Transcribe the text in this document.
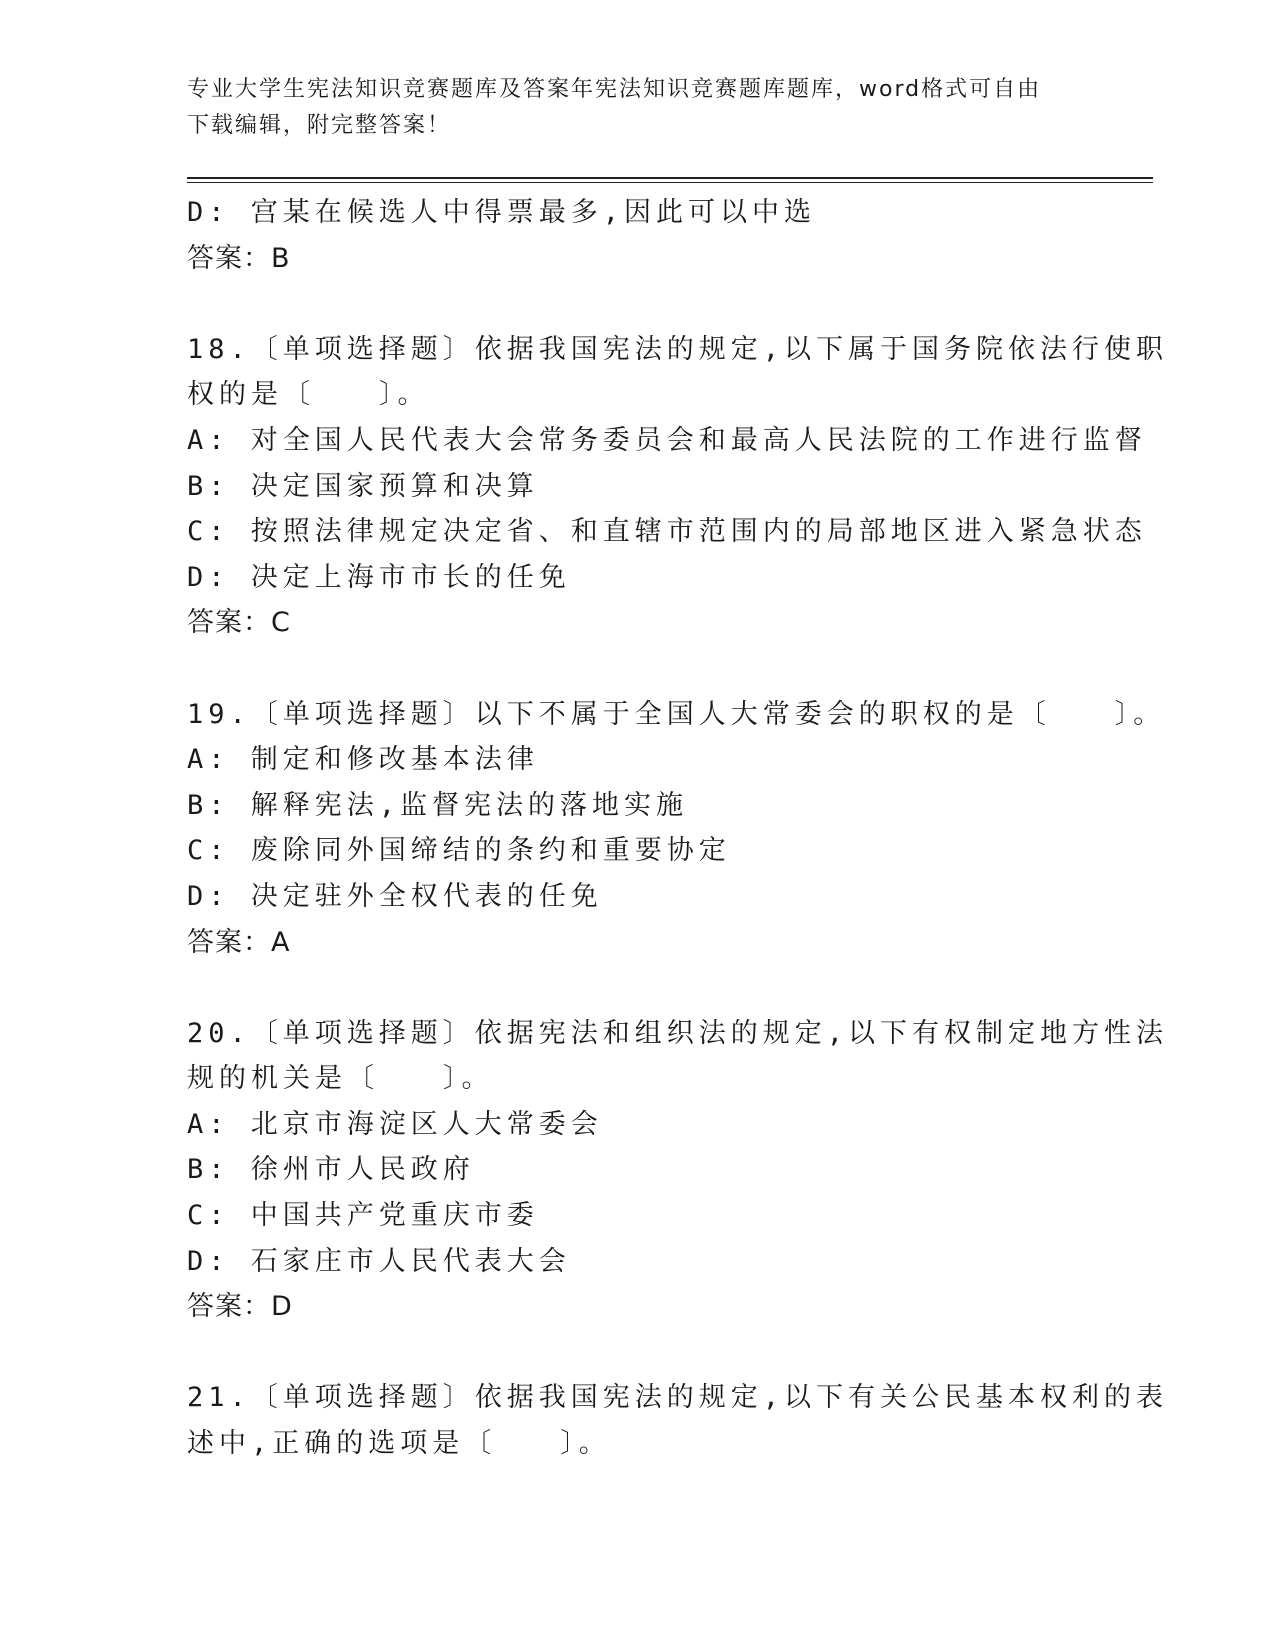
专业大学生宪法知识竞赛题库及答案年宪法知识竞赛题库题库，word格式可自由
下载编辑，附完整答案！
D: 宫某在候选人中得票最多,因此可以中选
答案：B
18.〔单项选择题〕依据我国宪法的规定,以下属于国务院依法行使职
权的是〔　　〕。
A: 对全国人民代表大会常务委员会和最高人民法院的工作进行监督
B: 决定国家预算和决算
C: 按照法律规定决定省、和直辖市范围内的局部地区进入紧急状态
D: 决定上海市市长的任免
答案：C
19.〔单项选择题〕以下不属于全国人大常委会的职权的是〔　　〕。
A: 制定和修改基本法律
B: 解释宪法,监督宪法的落地实施
C: 废除同外国缔结的条约和重要协定
D: 决定驻外全权代表的任免
答案：A
20.〔单项选择题〕依据宪法和组织法的规定,以下有权制定地方性法
规的机关是〔　　〕。
A: 北京市海淀区人大常委会
B: 徐州市人民政府
C: 中国共产党重庆市委
D: 石家庄市人民代表大会
答案：D
21.〔单项选择题〕依据我国宪法的规定,以下有关公民基本权利的表
述中,正确的选项是〔　　〕。
